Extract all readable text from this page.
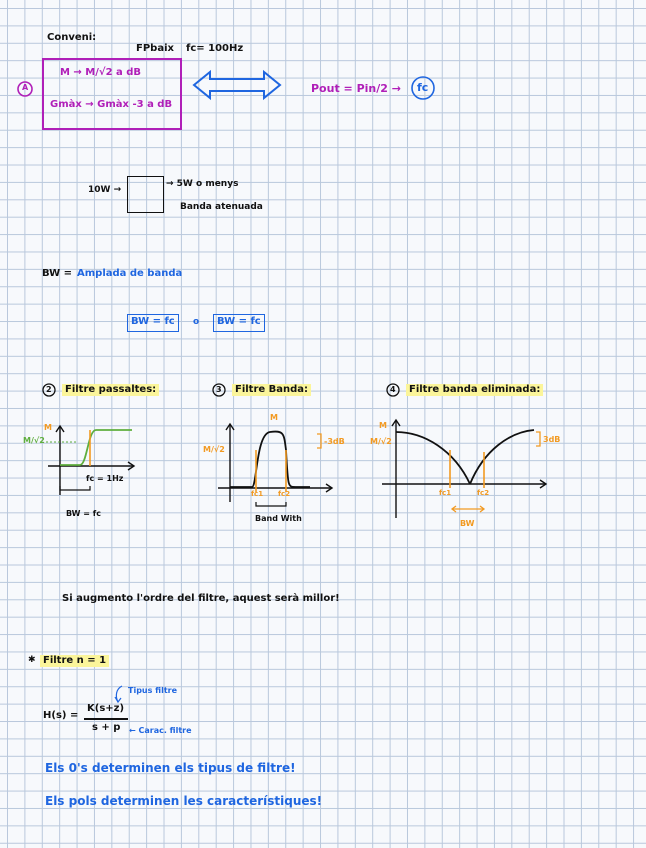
Conveni:
FPbaix fc= 100Hz
A
M → M/√2 a dB
Gmàx → Gmàx -3 a dB
Pout = Pin/2 → fc
10W →
→ 5W o menys
Banda atenuada
BW = Amplada de banda
BW = fc o BW = fc
2	Filtre passaltes:	3	Filtre Banda:	4	Filtre banda eliminada:
M
M/√2
fc = 1Hz
BW = fc
M
M/√2
-3dB
fc1 fc2
Band With
M
M/√2	3dB
fc1	fc2
BW
Si augmento l'ordre del filtre, aquest serà millor!
✱ Filtre n = 1
Tipus filtre
H(s) =
K(s+z)
s + p ← Carac. filtre
Els 0's determinen els tipus de filtre!
Els pols determinen les característiques!
